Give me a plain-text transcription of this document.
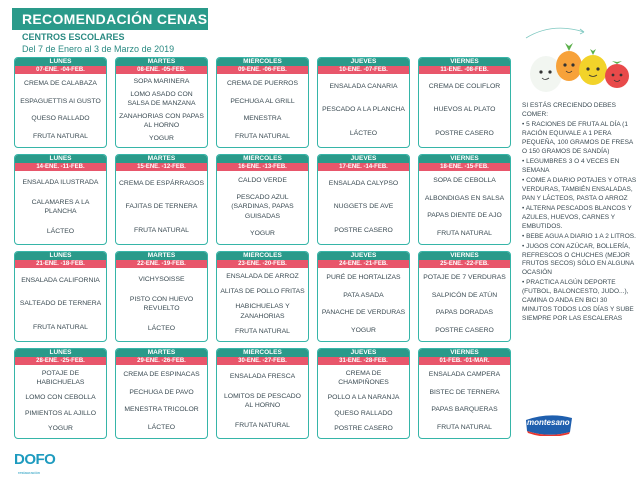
RECOMENDACIÓN CENAS
CENTROS ESCOLARES
Del 7 de Enero al 3 de Marzo de 2019
LUNES
07-ENE. -04-FEB.
CREMA DE CALABAZA
ESPAGUETTIS Al GUSTO
QUESO RALLADO
FRUTA NATURAL
MARTES
08-ENE. -05-FEB.
SOPA MARINERA
LOMO ASADO CON SALSA DE MANZANA
ZANAHORIAS CON PAPAS AL HORNO
YOGUR
MIÉRCOLES
09-ENE. -06-FEB.
CREMA DE PUERROS
PECHUGA AL GRILL
MENESTRA
FRUTA NATURAL
JUEVES
10-ENE. -07-FEB.
ENSALADA CANARIA
PESCADO A LA PLANCHA
LÁCTEO
VIERNES
11-ENE. -08-FEB.
CREMA DE COLIFLOR
HUEVOS AL PLATO
POSTRE CASERO
LUNES
14-ENE. -11-FEB.
ENSALADA ILUSTRADA
CALAMARES A LA PLANCHA
LÁCTEO
MARTES
15-ENE. -12-FEB.
CREMA DE ESPÁRRAGOS
FAJITAS DE TERNERA
FRUTA NATURAL
MIÉRCOLES
16-ENE. -13-FEB.
CALDO VERDE
PESCADO AZUL (SARDINAS, PAPAS GUISADAS
YOGUR
JUEVES
17-ENE. -14-FEB.
ENSALADA CALYPSO
NUGGETS DE AVE
POSTRE CASERO
VIERNES
18-ENE. -15-FEB.
SOPA DE CEBOLLA
ALBONDIGAS EN SALSA
PAPAS DIENTE DE AJO
FRUTA NATURAL
LUNES
21-ENE. -18-FEB.
ENSALADA CALIFORNIA
SALTEADO DE TERNERA
FRUTA NATURAL
MARTES
22-ENE. -19-FEB.
VICHYSOISSE
PISTO CON HUEVO REVUELTO
LÁCTEO
MIÉRCOLES
23-ENE. -20-FEB.
ENSALADA DE ARROZ
ALITAS DE POLLO FRITAS
HABICHUELAS Y ZANAHORIAS
FRUTA NATURAL
JUEVES
24-ENE. -21-FEB.
PURÉ DE HORTALIZAS
PATA ASADA
PANACHE DE VERDURAS
YOGUR
VIERNES
25-ENE. -22-FEB.
POTAJE DE 7 VERDURAS
SALPICÓN DE ATÚN
PAPAS DORADAS
POSTRE CASERO
LUNES
28-ENE. -25-FEB.
POTAJE DE HABICHUELAS
LOMO CON CEBOLLA
PIMIENTOS AL AJILLO
YOGUR
MARTES
29-ENE. -26-FEB.
CREMA DE ESPINACAS
PECHUGA DE PAVO
MENESTRA TRICOLOR
LÁCTEO
MIÉRCOLES
30-ENE. -27-FEB.
ENSALADA FRESCA
LOMITOS DE PESCADO AL HORNO
FRUTA NATURAL
JUEVES
31-ENE. -28-FEB.
CREMA DE CHAMPIÑONES
POLLO A LA NARANJA
QUESO RALLADO
POSTRE CASERO
VIERNES
01-FEB. -01-MAR.
ENSALADA CAMPERA
BISTEC DE TERNERA
PAPAS BARQUERAS
FRUTA NATURAL

SI ESTÁS CRECIENDO DEBES COMER:

• 5 RACIONES DE FRUTA AL DÍA (1 RACIÓN EQUIVALE A 1 PERA PEQUEÑA, 100 GRAMOS DE FRESA O 150 GRAMOS DE SANDÍA)

• LEGUMBRES 3 O 4 VECES EN SEMANA

• COME A DIARIO POTAJES Y OTRAS VERDURAS, TAMBIÉN ENSALADAS, PAN Y LÁCTEOS, PASTA O ARROZ

• ALTERNA PESCADOS BLANCOS Y AZULES, HUEVOS, CARNES Y EMBUTIDOS.

• BEBE AGUA A DIARIO 1 A 2 LITROS.

• JUGOS CON AZÚCAR, BOLLERÍA, REFRESCOS O CHUCHES (MEJOR FRUTOS SECOS) SÓLO EN ALGUNA OCASIÓN

• PRACTICA ALGÚN DEPORTE (FUTBOL, BALONCESTO, JUDO...), CAMINA O ANDA EN BICI 30 MINUTOS TODOS LOS DÍAS Y SUBE SIEMPRE POR LAS ESCALERAS

DOFO
restauración
montesano
